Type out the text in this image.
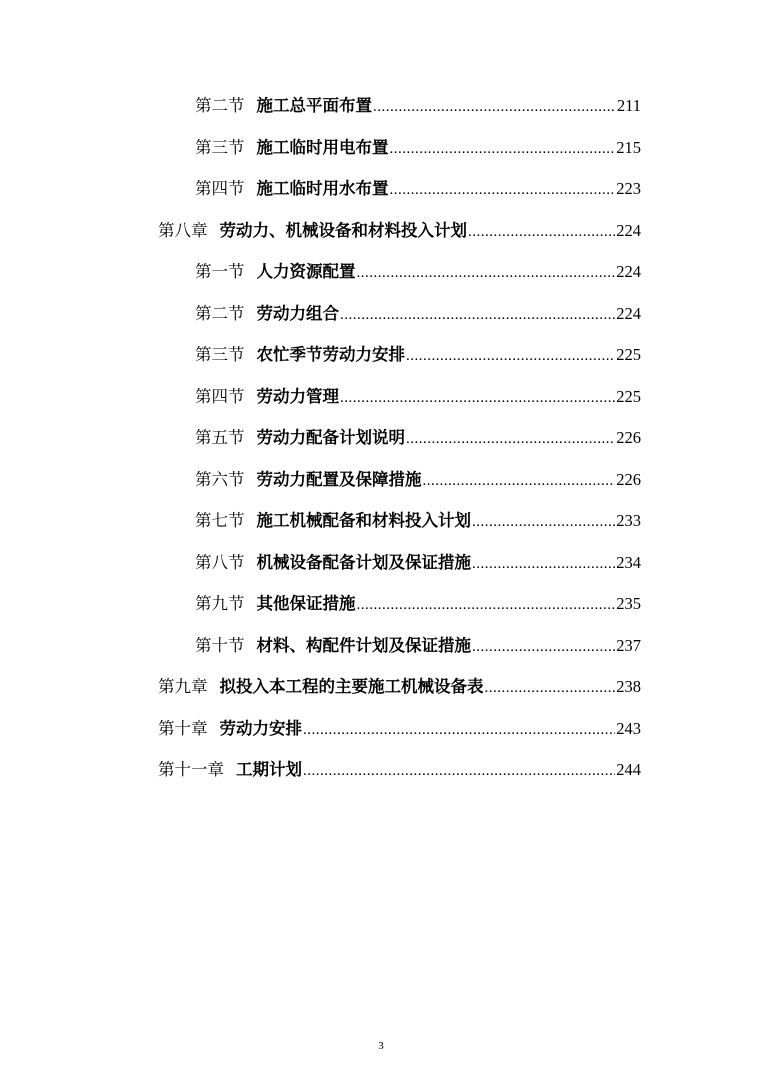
第二节 施工总平面布置 .....	211
第三节 施工临时用电布置 .....	215
第四节 施工临时用水布置 .....	223
第八章 劳动力、机械设备和材料投入计划 .....	224
第一节 人力资源配置 .....	224
第二节 劳动力组合 .....	224
第三节 农忙季节劳动力安排 .....	225
第四节 劳动力管理 .....	225
第五节 劳动力配备计划说明 .....	226
第六节 劳动力配置及保障措施 .....	226
第七节 施工机械配备和材料投入计划 .....	233
第八节 机械设备配备计划及保证措施 .....	234
第九节 其他保证措施 .....	235
第十节 材料、构配件计划及保证措施 .....	237
第九章 拟投入本工程的主要施工机械设备表 .....	238
第十章 劳动力安排 .....	243
第十一章 工期计划 .....	244
3
